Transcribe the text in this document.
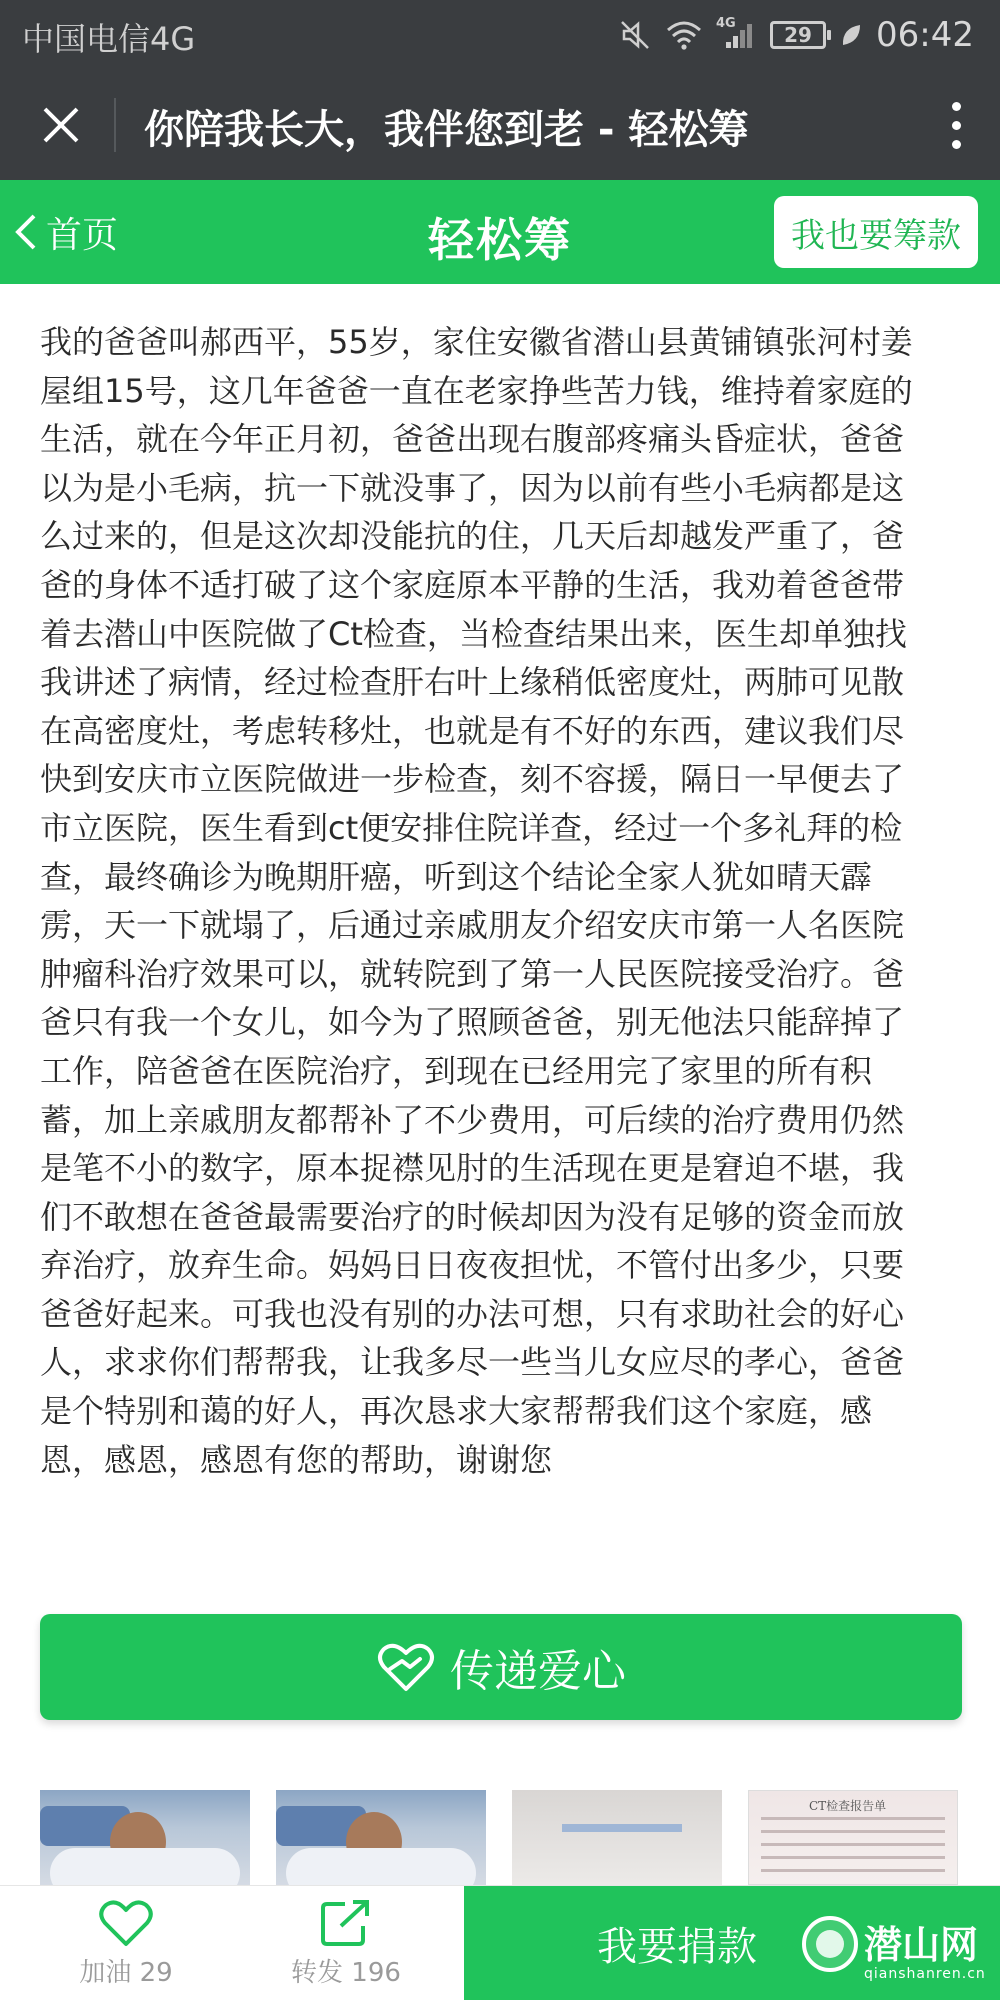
中国电信4G	4G	29	06:42
你陪我长大，我伴您到老 - 轻松筹
首页	轻松筹	我也要筹款
我的爸爸叫郝西平，55岁，家住安徽省潜山县黄铺镇张河村姜
屋组15号，这几年爸爸一直在老家挣些苦力钱，维持着家庭的
生活，就在今年正月初，爸爸出现右腹部疼痛头昏症状，爸爸
以为是小毛病，抗一下就没事了，因为以前有些小毛病都是这
么过来的，但是这次却没能抗的住，几天后却越发严重了，爸
爸的身体不适打破了这个家庭原本平静的生活，我劝着爸爸带
着去潜山中医院做了Ct检查，当检查结果出来，医生却单独找
我讲述了病情，经过检查肝右叶上缘稍低密度灶，两肺可见散
在高密度灶，考虑转移灶，也就是有不好的东西，建议我们尽
快到安庆市立医院做进一步检查，刻不容援，隔日一早便去了
市立医院，医生看到ct便安排住院详查，经过一个多礼拜的检
查，最终确诊为晚期肝癌，听到这个结论全家人犹如晴天霹
雳，天一下就塌了，后通过亲戚朋友介绍安庆市第一人名医院
肿瘤科治疗效果可以，就转院到了第一人民医院接受治疗。爸
爸只有我一个女儿，如今为了照顾爸爸，别无他法只能辞掉了
工作，陪爸爸在医院治疗，到现在已经用完了家里的所有积
蓄，加上亲戚朋友都帮补了不少费用，可后续的治疗费用仍然
是笔不小的数字，原本捉襟见肘的生活现在更是窘迫不堪，我
们不敢想在爸爸最需要治疗的时候却因为没有足够的资金而放
弃治疗，放弃生命。妈妈日日夜夜担忧，不管付出多少，只要
爸爸好起来。可我也没有别的办法可想，只有求助社会的好心
人，求求你们帮帮我，让我多尽一些当儿女应尽的孝心，爸爸
是个特别和蔼的好人，再次恳求大家帮帮我们这个家庭，感
恩，感恩，感恩有您的帮助，谢谢您
传递爱心
CT检查报告单
加油 29	转发 196
我要捐款	潜山网
qianshanren.cn
